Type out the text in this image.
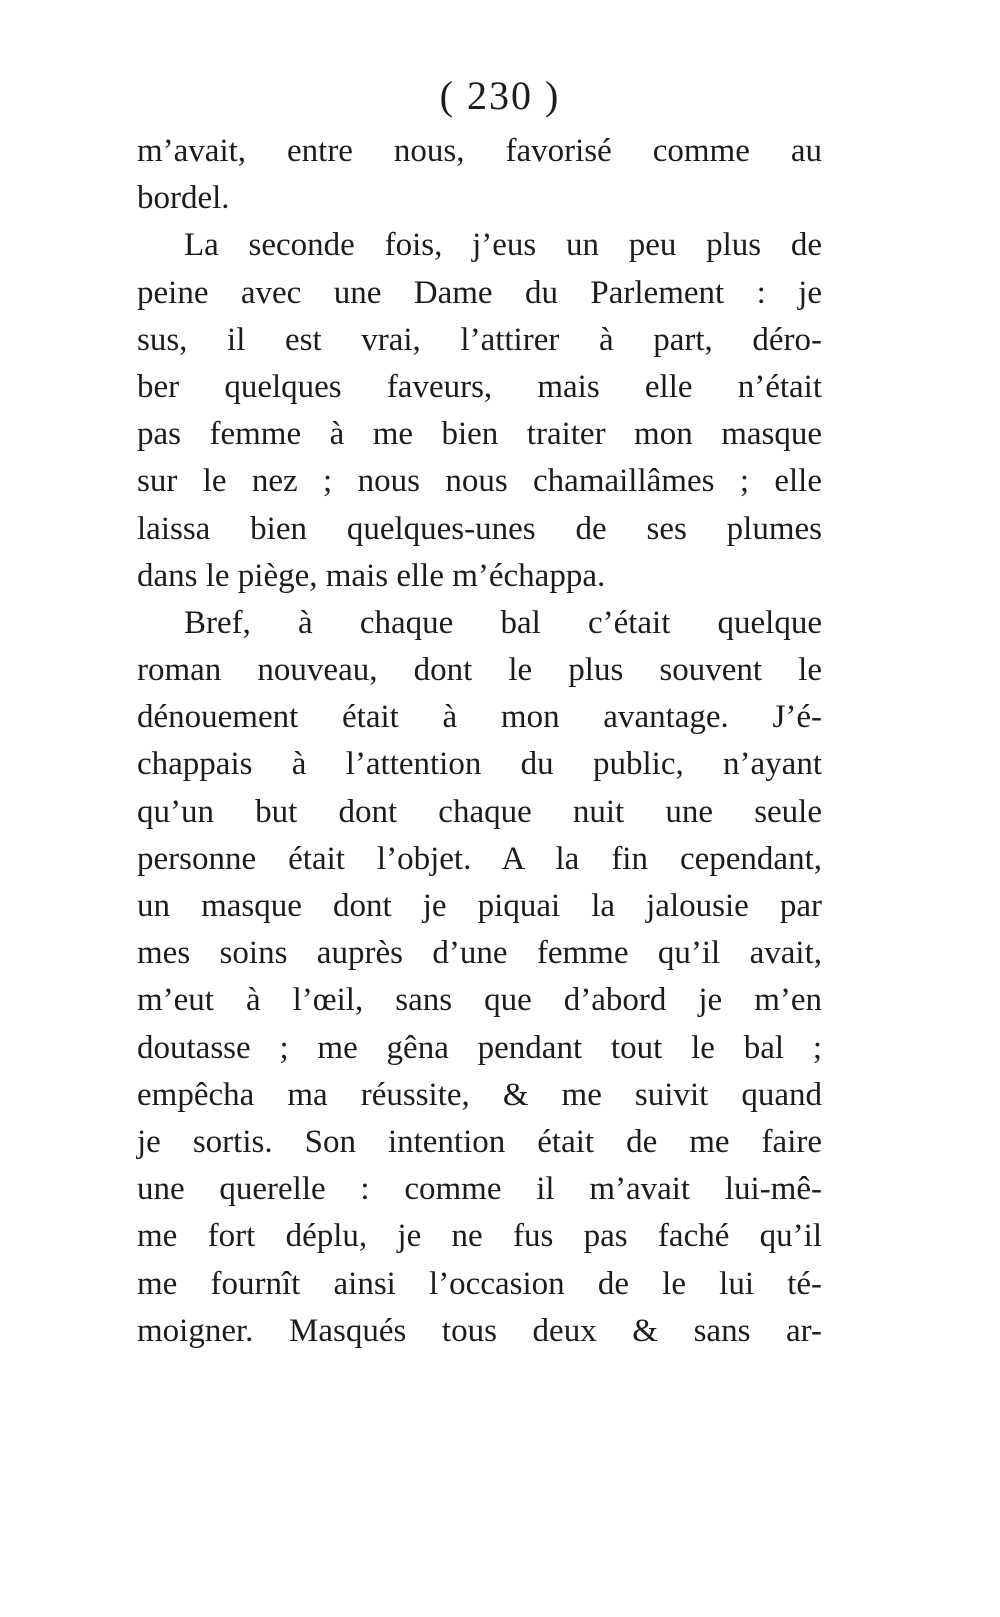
( 230 )
m’avait, entre nous, favorisé comme au
bordel.
La seconde fois, j’eus un peu plus de
peine avec une Dame du Parlement : je
sus, il est vrai, l’attirer à part, déro-
ber quelques faveurs, mais elle n’était
pas femme à me bien traiter mon masque
sur le nez ; nous nous chamaillâmes ; elle
laissa bien quelques-unes de ses plumes
dans le piège, mais elle m’échappa.
Bref, à chaque bal c’était quelque
roman nouveau, dont le plus souvent le
dénouement était à mon avantage. J’é-
chappais à l’attention du public, n’ayant
qu’un but dont chaque nuit une seule
personne était l’objet. A la fin cependant,
un masque dont je piquai la jalousie par
mes soins auprès d’une femme qu’il avait,
m’eut à l’œil, sans que d’abord je m’en
doutasse ; me gêna pendant tout le bal ;
empêcha ma réussite, & me suivit quand
je sortis. Son intention était de me faire
une querelle : comme il m’avait lui-mê-
me fort déplu, je ne fus pas faché qu’il
me fournît ainsi l’occasion de le lui té-
moigner. Masqués tous deux & sans ar-
